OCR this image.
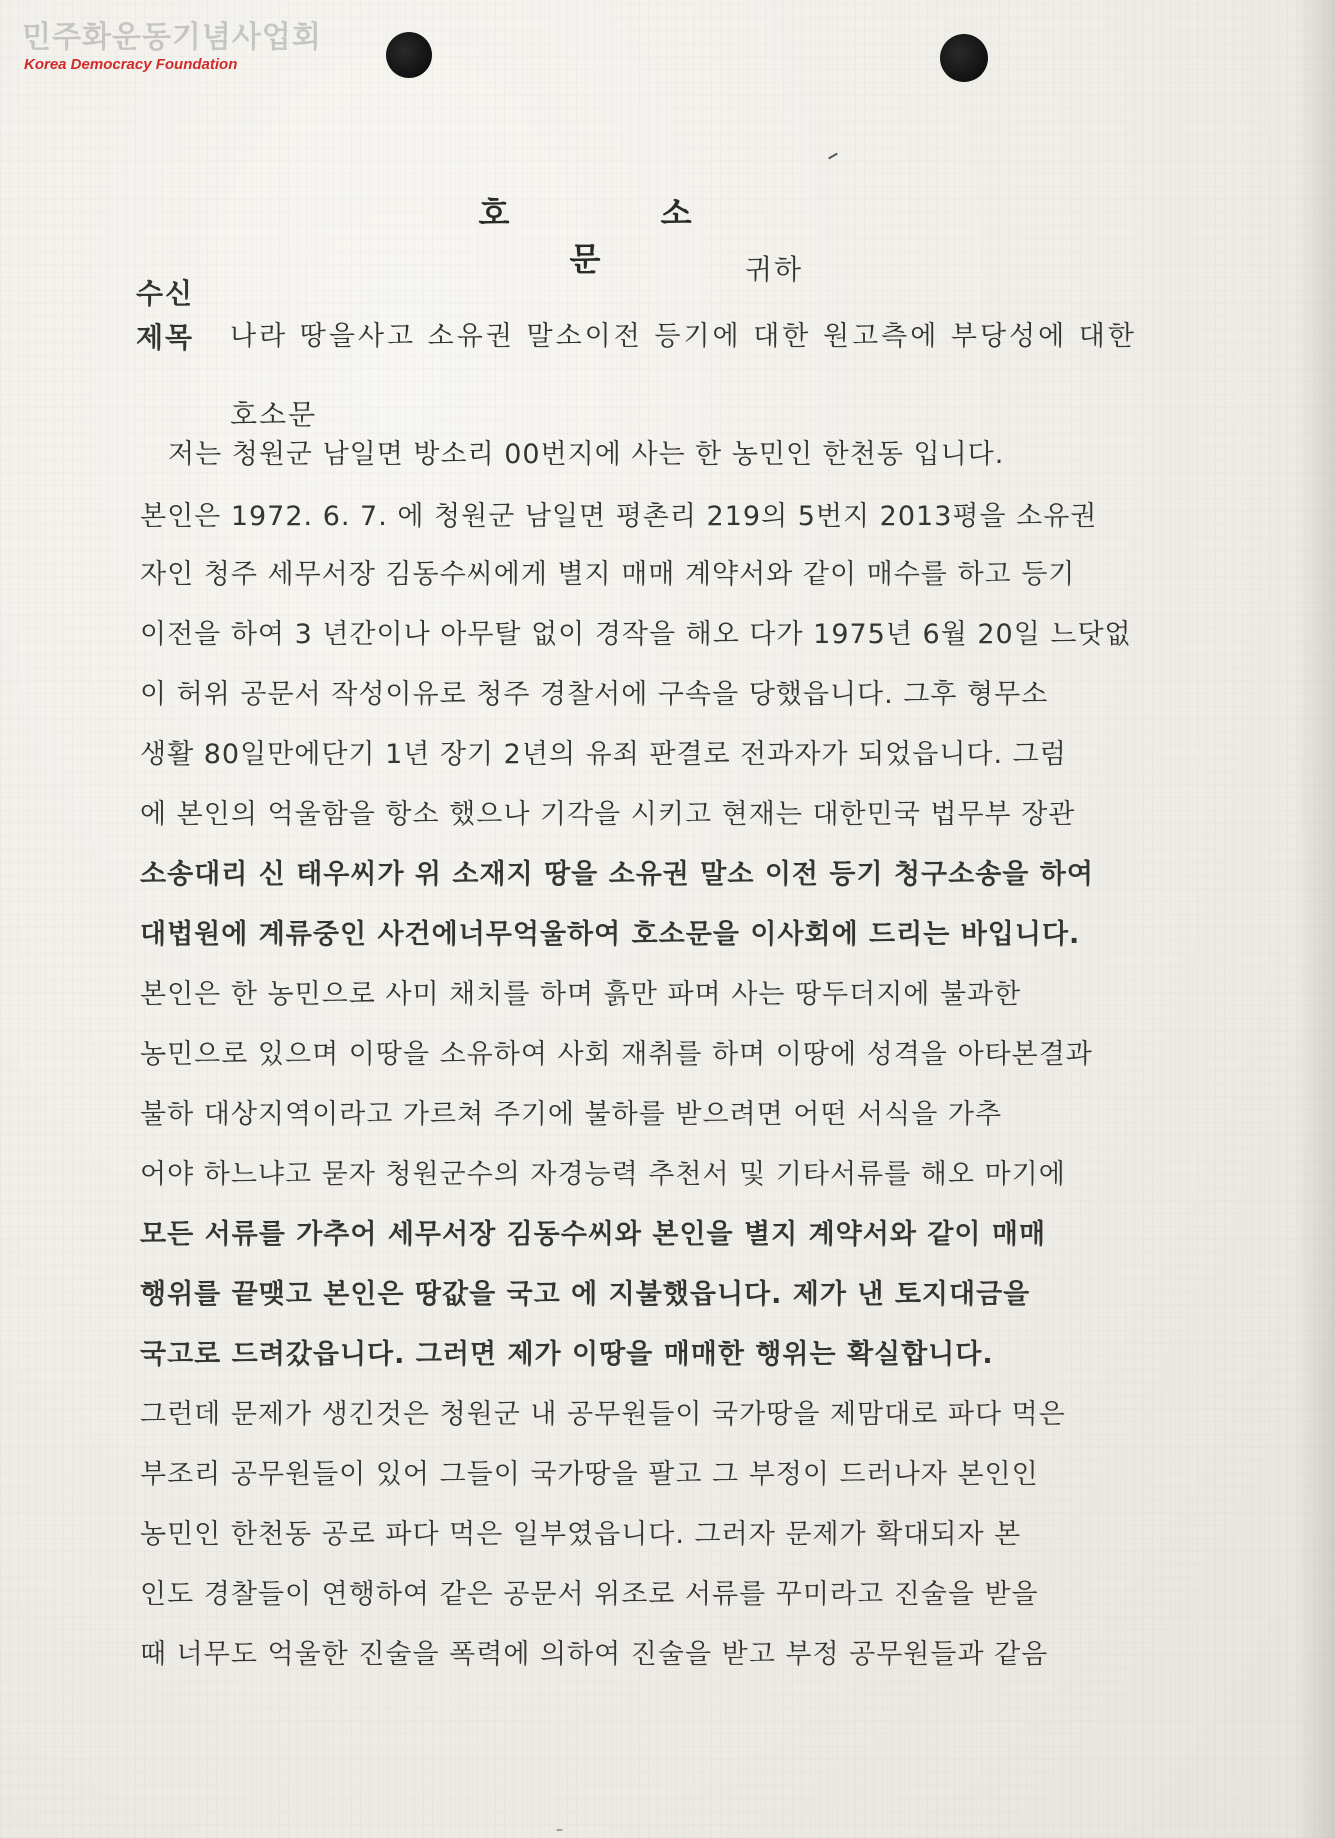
민주화운동기념사업회
Korea Democracy Foundation
호 소 문
수신
귀하
제목 나라 땅을사고 소유권 말소이전 등기에 대한 원고측에 부당성에 대한
호소문
저는 청원군 남일면 방소리 00번지에 사는 한 농민인 한천동 입니다.
본인은 1972. 6. 7. 에 청원군 남일면 평촌리 219의 5번지 2013평을 소유권
자인 청주 세무서장 김동수씨에게 별지 매매 계약서와 같이 매수를 하고 등기
이전을 하여 3 년간이나 아무탈 없이 경작을 해오 다가 1975년 6월 20일 느닷없
이 허위 공문서 작성이유로 청주 경찰서에 구속을 당했읍니다. 그후 형무소
생활 80일만에단기 1년 장기 2년의 유죄 판결로 전과자가 되었읍니다. 그럼
에 본인의 억울함을 항소 했으나 기각을 시키고 현재는 대한민국 법무부 장관
소송대리 신 태우씨가 위 소재지 땅을 소유권 말소 이전 등기 청구소송을 하여
대법원에 계류중인 사건에너무억울하여 호소문을 이사회에 드리는 바입니다.
본인은 한 농민으로 사미 채치를 하며 흙만 파며 사는 땅두더지에 불과한
농민으로 있으며 이땅을 소유하여 사회 재취를 하며 이땅에 성격을 아타본결과
불하 대상지역이라고 가르쳐 주기에 불하를 받으려면 어떤 서식을 가추
어야 하느냐고 묻자 청원군수의 자경능력 추천서 및 기타서류를 해오 마기에
모든 서류를 가추어 세무서장 김동수씨와 본인을 별지 계약서와 같이 매매
행위를 끝맺고 본인은 땅값을 국고 에 지불했읍니다. 제가 낸 토지대금을
국고로 드려갔읍니다. 그러면 제가 이땅을 매매한 행위는 확실합니다.
그런데 문제가 생긴것은 청원군 내 공무원들이 국가땅을 제맘대로 파다 먹은
부조리 공무원들이 있어 그들이 국가땅을 팔고 그 부정이 드러나자 본인인
농민인 한천동 공로 파다 먹은 일부였읍니다. 그러자 문제가 확대되자 본
인도 경찰들이 연행하여 같은 공문서 위조로 서류를 꾸미라고 진술을 받을
때 너무도 억울한 진술을 폭력에 의하여 진술을 받고 부정 공무원들과 같음
–
